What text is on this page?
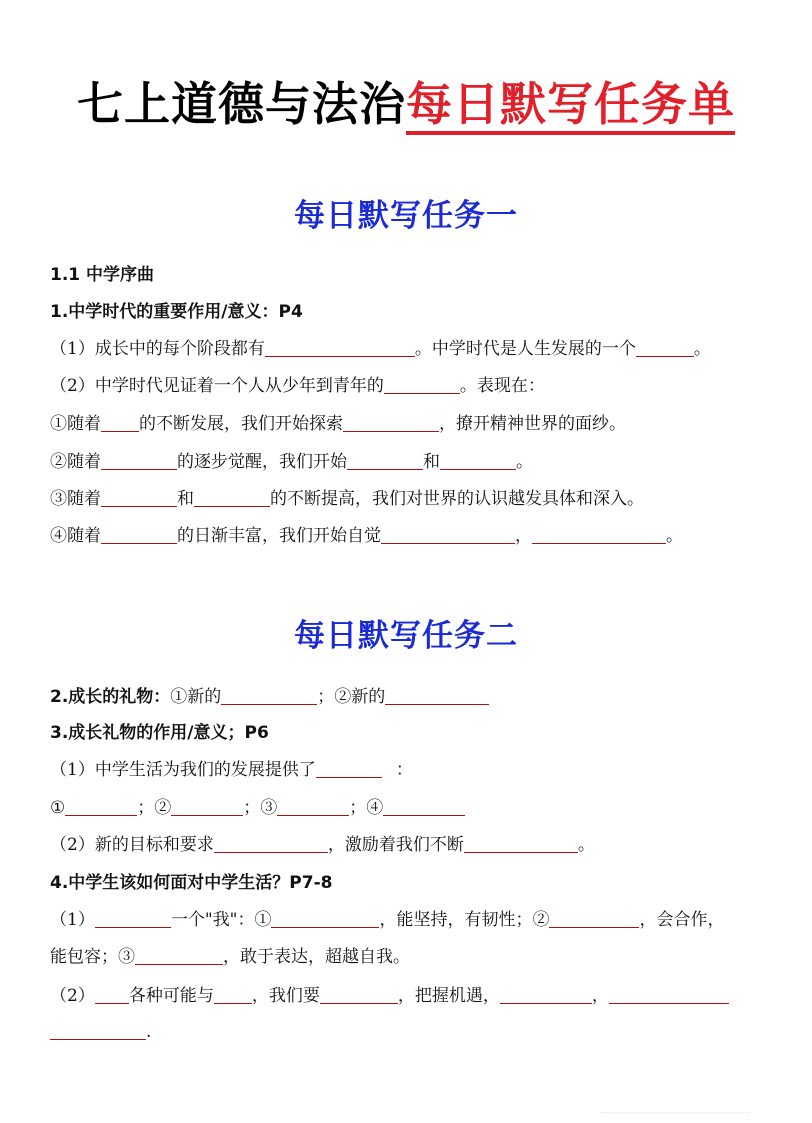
七上道德与法治每日默写任务单
每日默写任务一
1.1 中学序曲
1.中学时代的重要作用/意义：P4
（1）成长中的每个阶段都有	。中学时代是人生发展的一个	。
（2）中学时代见证着一个人从少年到青年的	。表现在：
①随着 的不断发展，我们开始探索	，撩开精神世界的面纱。
②随着	的逐步觉醒，我们开始	和	。
③随着	和	的不断提高，我们对世界的认识越发具体和深入。
④随着	的日渐丰富，我们开始自觉	，	。
每日默写任务二
2.成长的礼物：①新的	；②新的
3.成长礼物的作用/意义；P6
（1）中学生活为我们的发展提供了	：
①	；②	；③	；④
（2）新的目标和要求	，激励着我们不断	。
4.中学生该如何面对中学生活？P7-8
（1）	一个"我"：①	，能坚持，有韧性；②	，会合作，
能包容；③	，敢于表达，超越自我。
（2） 各种可能与 ，我们要	，把握机遇，	，
.
